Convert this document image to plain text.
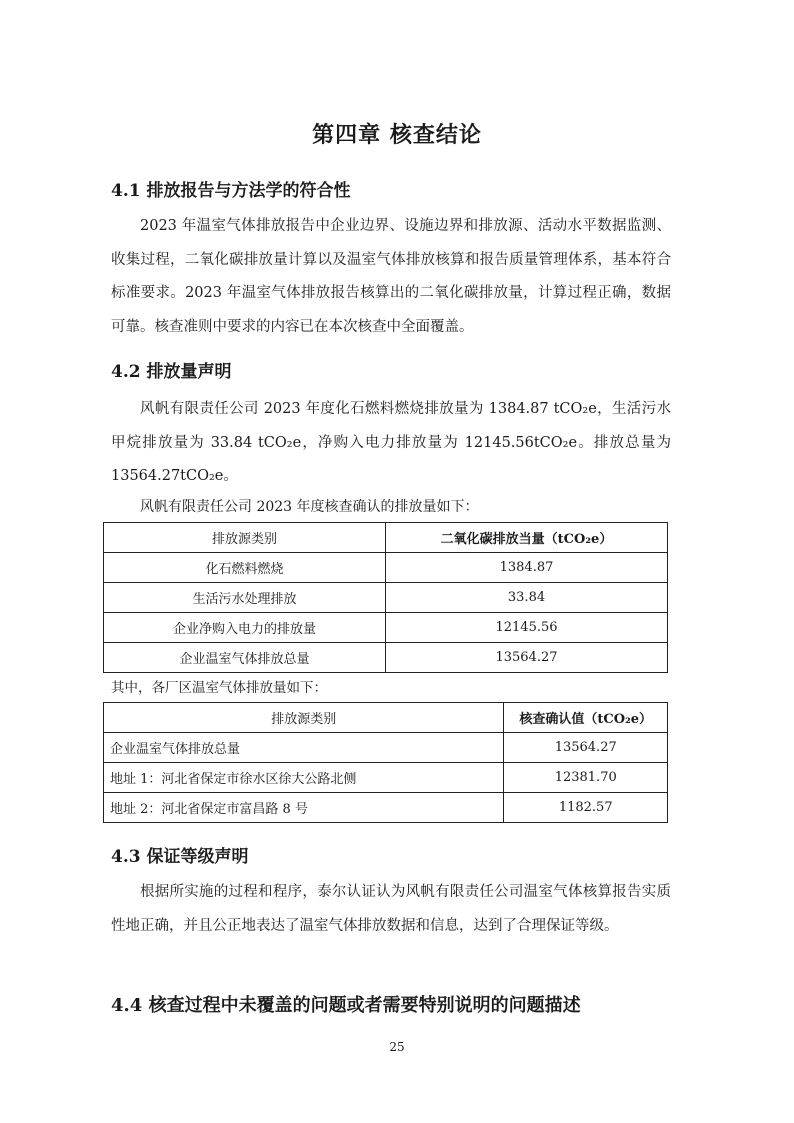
第四章 核查结论
4.1 排放报告与方法学的符合性
2023 年温室气体排放报告中企业边界、设施边界和排放源、活动水平数据监测、收集过程，二氧化碳排放量计算以及温室气体排放核算和报告质量管理体系，基本符合标准要求。2023 年温室气体排放报告核算出的二氧化碳排放量，计算过程正确，数据可靠。核查准则中要求的内容已在本次核查中全面覆盖。
4.2 排放量声明
风帆有限责任公司 2023 年度化石燃料燃烧排放量为 1384.87 tCO₂e，生活污水甲烷排放量为 33.84 tCO₂e，净购入电力排放量为 12145.56tCO₂e。排放总量为 13564.27tCO₂e。
风帆有限责任公司 2023 年度核查确认的排放量如下：
排放源类别	二氧化碳排放当量（tCO₂e）
化石燃料燃烧	1384.87
生活污水处理排放	33.84
企业净购入电力的排放量	12145.56
企业温室气体排放总量	13564.27
其中，各厂区温室气体排放量如下：
排放源类别	核查确认值（tCO₂e）
企业温室气体排放总量	13564.27
地址 1：河北省保定市徐水区徐大公路北侧	12381.70
地址 2：河北省保定市富昌路 8 号	1182.57
4.3 保证等级声明
根据所实施的过程和程序，泰尔认证认为风帆有限责任公司温室气体核算报告实质性地正确，并且公正地表达了温室气体排放数据和信息，达到了合理保证等级。
4.4 核查过程中未覆盖的问题或者需要特别说明的问题描述
25
